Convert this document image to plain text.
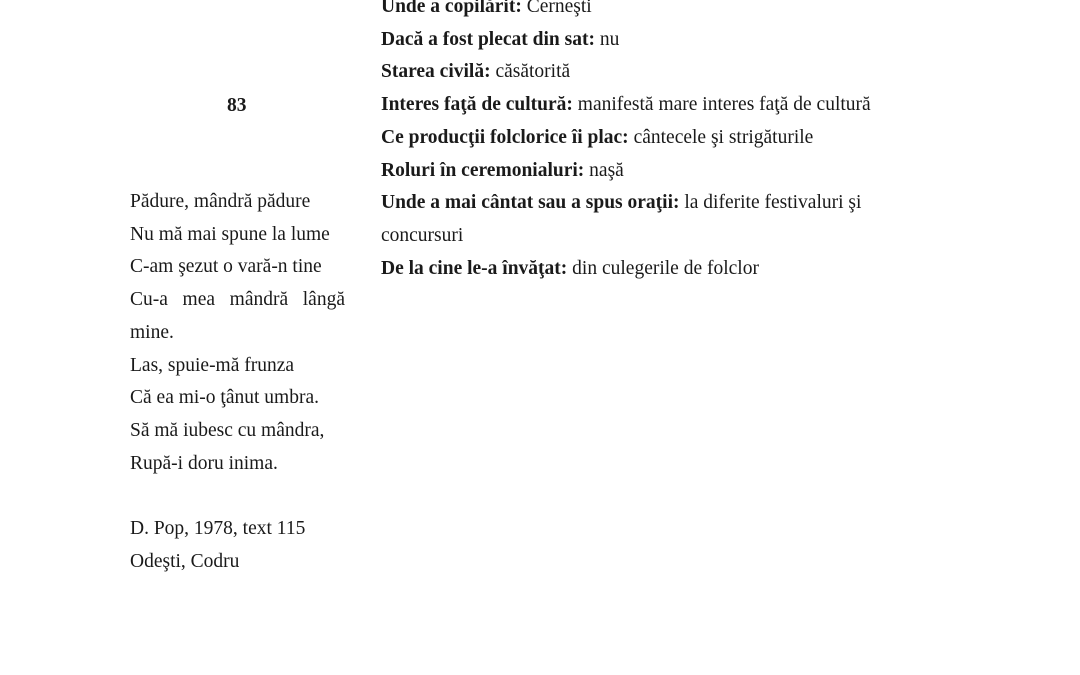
83
Pădure, mândră pădure
Nu mă mai spune la lume
C-am şezut o vară-n tine
Cu-a mea mândră lângă
mine.
Las, spuie-mă frunza
Că ea mi-o ţânut umbra.
Să mă iubesc cu mândra,
Rupă-i doru inima.
D. Pop, 1978, text 115
Odeşti, Codru
Unde a copilărit: Cerneşti
Dacă a fost plecat din sat: nu
Starea civilă: căsătorită
Interes faţă de cultură: manifestă mare interes faţă de cultură
Ce producţii folclorice îi plac: cântecele şi strigăturile
Roluri în ceremonialuri: naşă
Unde a mai cântat sau a spus oraţii: la diferite festivaluri şi concursuri
De la cine le-a învăţat: din culegerile de folclor
